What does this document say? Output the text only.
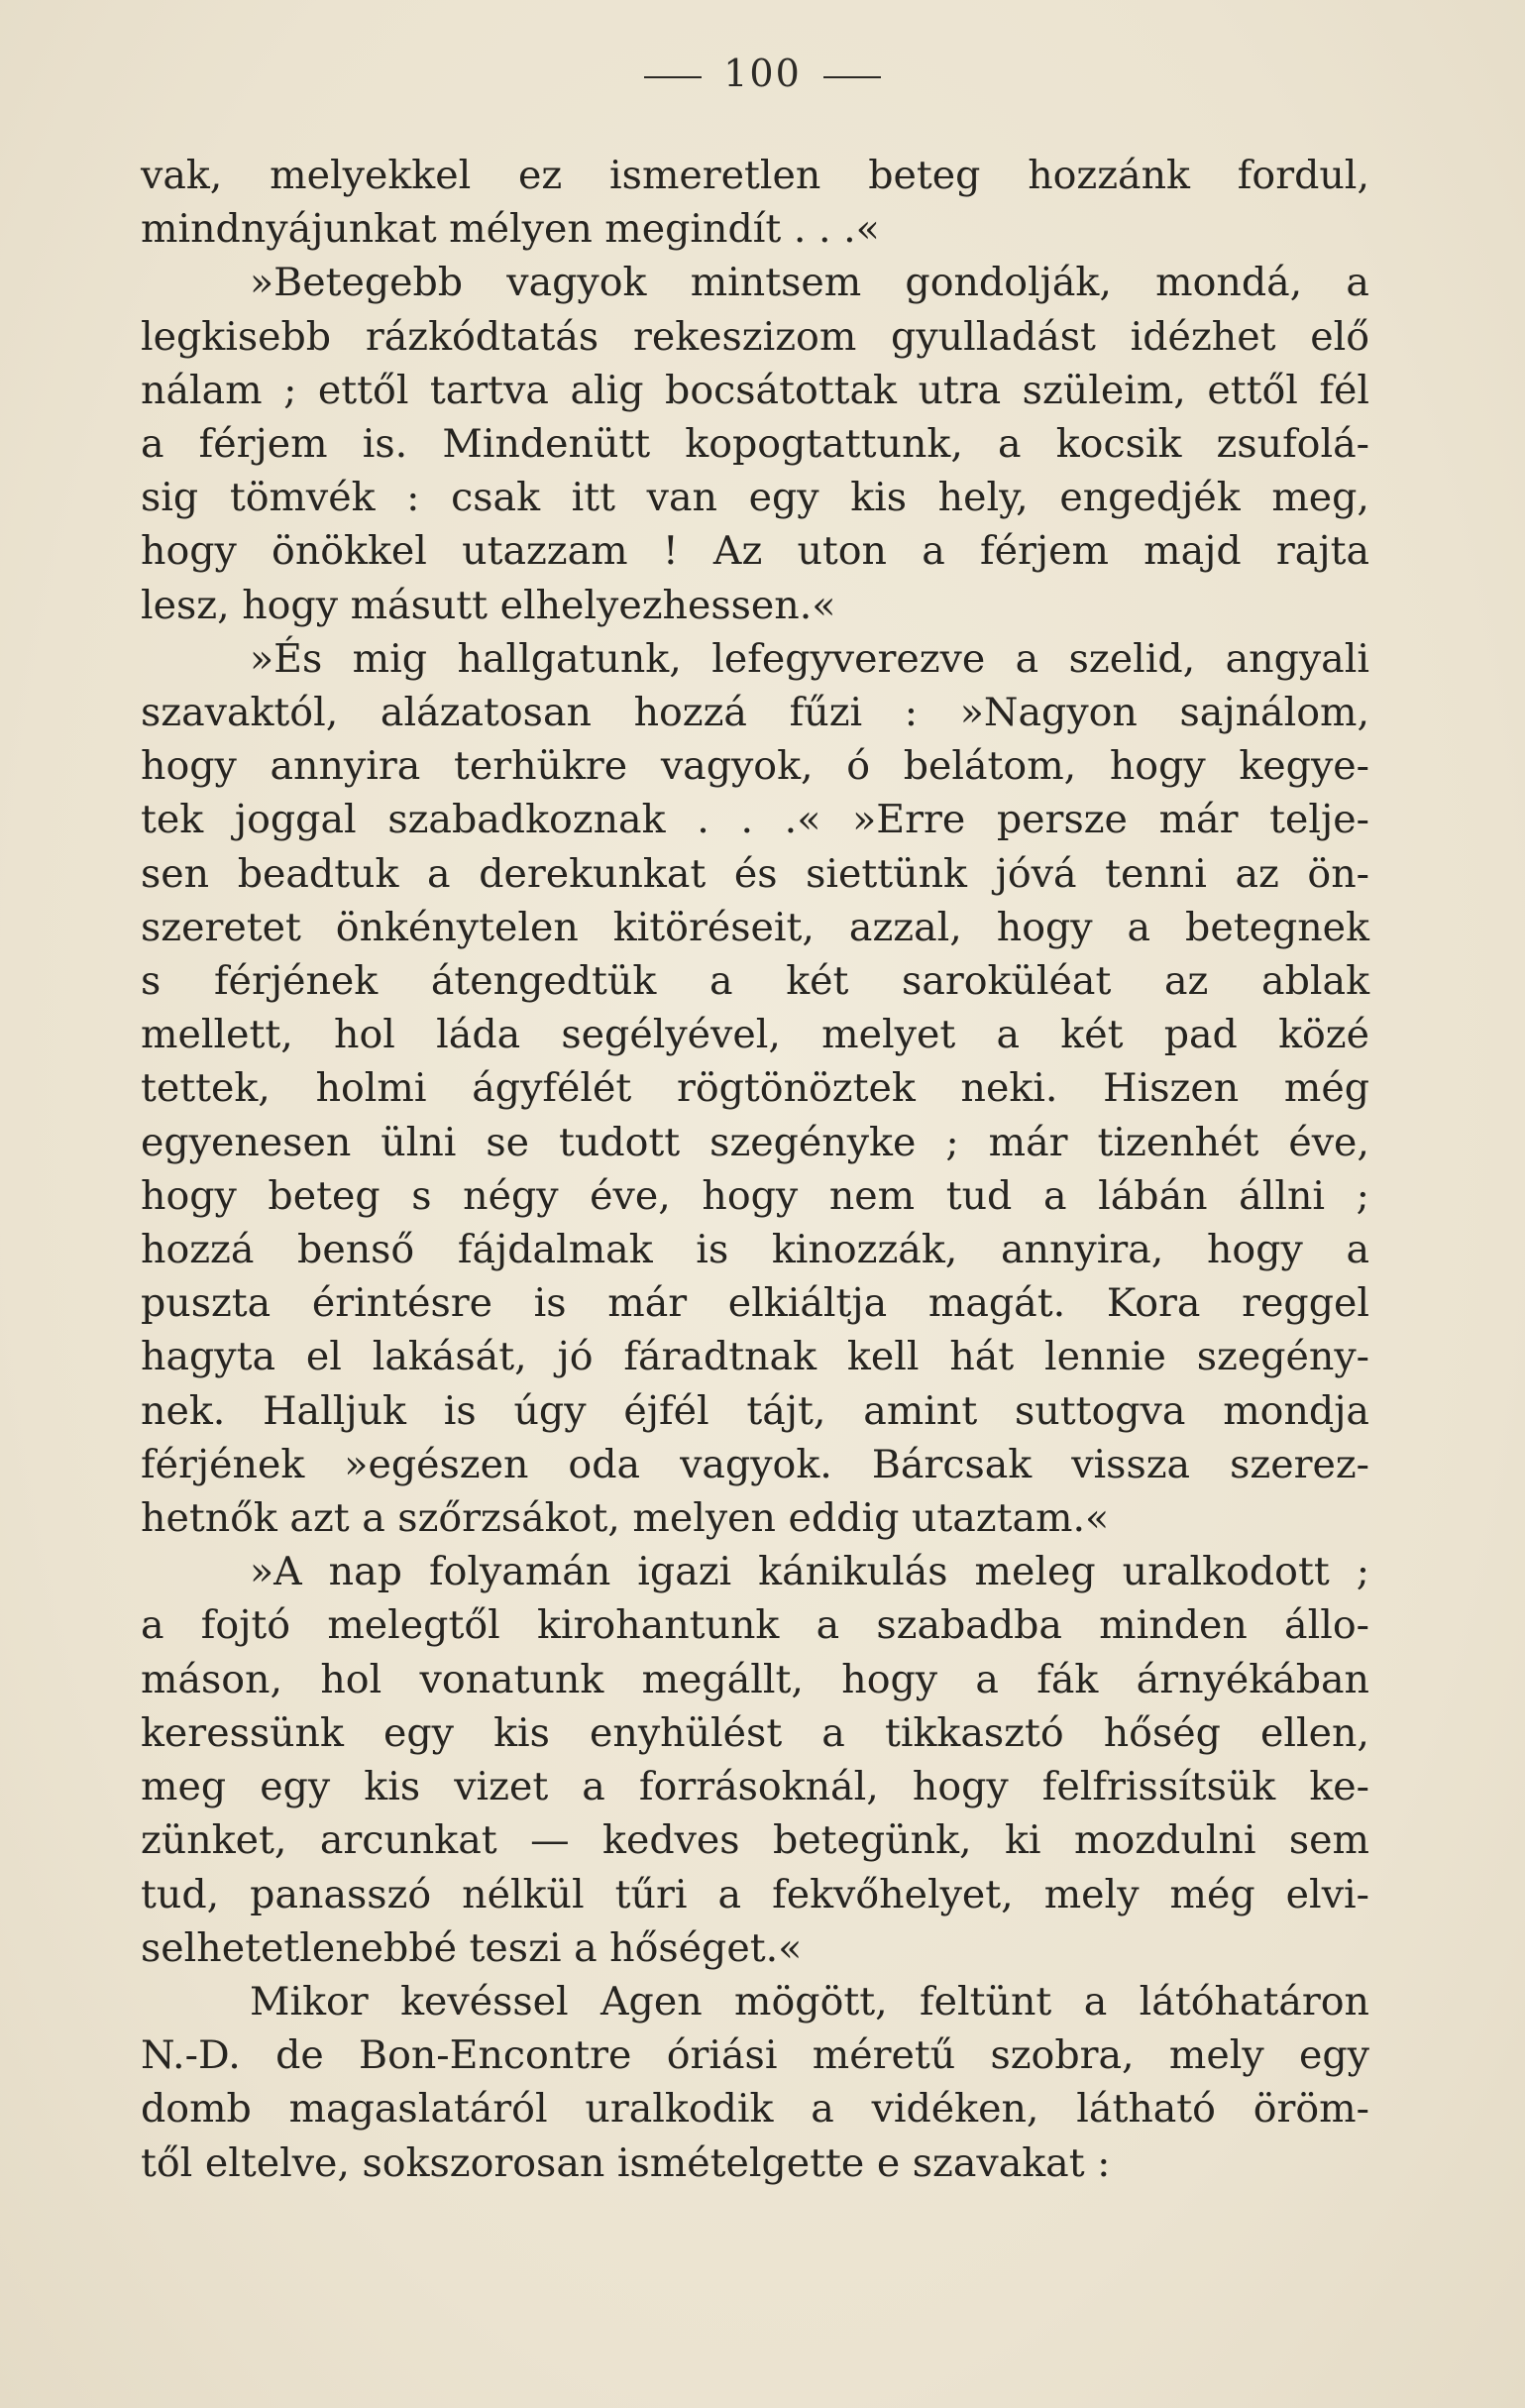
100

vak, melyekkel ez ismeretlen beteg hozzánk fordul,
mindnyájunkat mélyen megindít . . .«

»Betegebb vagyok mintsem gondolják, mondá, a
legkisebb rázkódtatás rekeszizom gyulladást idézhet elő
nálam ; ettől tartva alig bocsátottak utra szüleim, ettől fél
a férjem is. Mindenütt kopogtattunk, a kocsik zsufolá-
sig tömvék : csak itt van egy kis hely, engedjék meg,
hogy önökkel utazzam ! Az uton a férjem majd rajta
lesz, hogy másutt elhelyezhessen.«

»És mig hallgatunk, lefegyverezve a szelid, angyali
szavaktól, alázatosan hozzá fűzi : »Nagyon sajnálom,
hogy annyira terhükre vagyok, ó belátom, hogy kegye-
tek joggal szabadkoznak . . .« »Erre persze már telje-
sen beadtuk a derekunkat és siettünk jóvá tenni az ön-
szeretet önkénytelen kitöréseit, azzal, hogy a betegnek
s férjének átengedtük a két saroküléat az ablak
mellett, hol láda segélyével, melyet a két pad közé
tettek, holmi ágyfélét rögtönöztek neki. Hiszen még
egyenesen ülni se tudott szegényke ; már tizenhét éve,
hogy beteg s négy éve, hogy nem tud a lábán állni ;
hozzá benső fájdalmak is kinozzák, annyira, hogy a
puszta érintésre is már elkiáltja magát. Kora reggel
hagyta el lakását, jó fáradtnak kell hát lennie szegény-
nek. Halljuk is úgy éjfél tájt, amint suttogva mondja
férjének »egészen oda vagyok. Bárcsak vissza szerez-
hetnők azt a szőrzsákot, melyen eddig utaztam.«

»A nap folyamán igazi kánikulás meleg uralkodott ;
a fojtó melegtől kirohantunk a szabadba minden állo-
máson, hol vonatunk megállt, hogy a fák árnyékában
keressünk egy kis enyhülést a tikkasztó hőség ellen,
meg egy kis vizet a forrásoknál, hogy felfrissítsük ke-
zünket, arcunkat — kedves betegünk, ki mozdulni sem
tud, panasszó nélkül tűri a fekvőhelyet, mely még elvi-
selhetetlenebbé teszi a hőséget.«

Mikor kevéssel Agen mögött, feltünt a látóhatáron
N.-D. de Bon-Encontre óriási méretű szobra, mely egy
domb magaslatáról uralkodik a vidéken, látható öröm-
től eltelve, sokszorosan ismételgette e szavakat :
